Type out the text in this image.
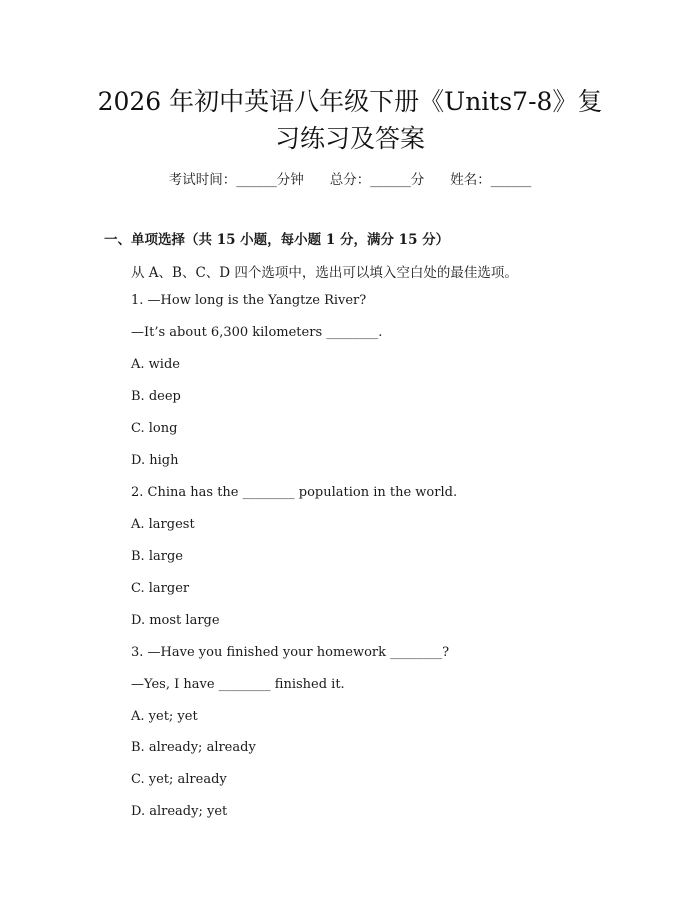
2026 年初中英语八年级下册《Units7-8》复
习练习及答案
考试时间：______分钟 总分：______分 姓名：______
一、单项选择（共 15 小题，每小题 1 分，满分 15 分）
从 A、B、C、D 四个选项中，选出可以填入空白处的最佳选项。
1. —How long is the Yangtze River?
—It’s about 6,300 kilometers ________.
A. wide
B. deep
C. long
D. high
2. China has the ________ population in the world.
A. largest
B. large
C. larger
D. most large
3. —Have you finished your homework ________?
—Yes, I have ________ finished it.
A. yet; yet
B. already; already
C. yet; already
D. already; yet
